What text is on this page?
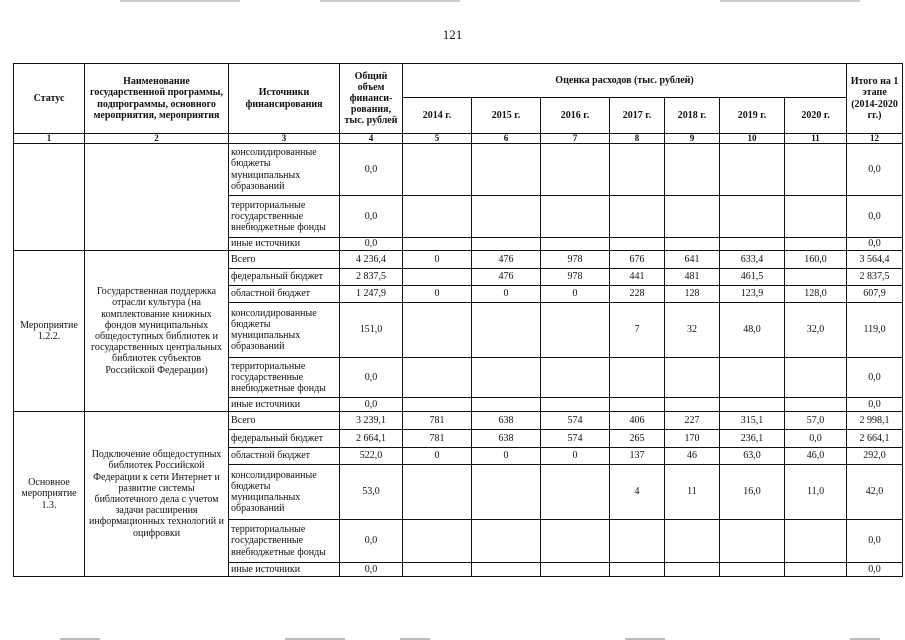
121
Статус	Наименование государственной программы, подпрограммы, основного мероприятия, мероприятия	Источники финансирования	Общий объем финанси-рования, тыс. рублей	Оценка расходов (тыс. рублей)							Итого на 1 этапе (2014-2020 гг.)
				2014 г.	2015 г.	2016 г.	2017 г.	2018 г.	2019 г.	2020 г.	
1	2	3	4	5	6	7	8	9	10	11	12
		консолидированные бюджеты муниципальных образований	0,0								0,0
		территориальные государственные внебюджетные фонды	0,0								0,0
		иные источники	0,0								0,0
Мероприятие 1.2.2.	Государственная поддержка отрасли культура (на комплектование книжных фондов муниципальных общедоступных библиотек и государственных центральных библиотек субъектов Российской Федерации)	Всего	4 236,4	0	476	978	676	641	633,4	160,0	3 564,4
		федеральный бюджет	2 837,5		476	978	441	481	461,5		2 837,5
		областной бюджет	1 247,9	0	0	0	228	128	123,9	128,0	607,9
		консолидированные бюджеты муниципальных образований	151,0				7	32	48,0	32,0	119,0
		территориальные государственные внебюджетные фонды	0,0								0,0
		иные источники	0,0								0,0
Основное мероприятие 1.3.	Подключение общедоступных библиотек Российской Федерации к сети Интернет и развитие системы библиотечного дела с учетом задачи расширения информационных технологий и оцифровки	Всего	3 239,1	781	638	574	406	227	315,1	57,0	2 998,1
		федеральный бюджет	2 664,1	781	638	574	265	170	236,1	0,0	2 664,1
		областной бюджет	522,0	0	0	0	137	46	63,0	46,0	292,0
		консолидированные бюджеты муниципальных образований	53,0				4	11	16,0	11,0	42,0
		территориальные государственные внебюджетные фонды	0,0								0,0
		иные источники	0,0								0,0
